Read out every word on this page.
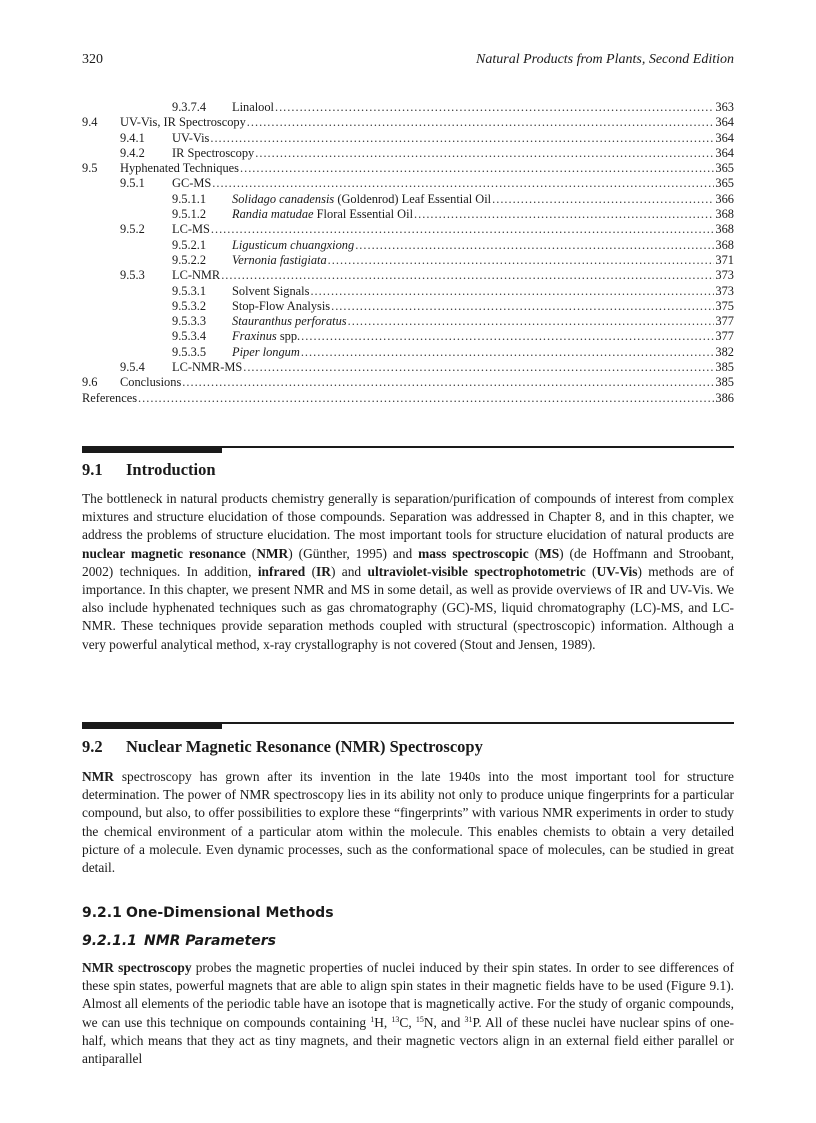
320	Natural Products from Plants, Second Edition
9.3.7.4	Linalool .....	363
9.4	UV-Vis, IR Spectroscopy .....	364
9.4.1	UV-Vis .....	364
9.4.2	IR Spectroscopy .....	364
9.5	Hyphenated Techniques .....	365
9.5.1	GC-MS .....	365
9.5.1.1	Solidago canadensis (Goldenrod) Leaf Essential Oil .....	366
9.5.1.2	Randia matudae Floral Essential Oil .....	368
9.5.2	LC-MS .....	368
9.5.2.1	Ligusticum chuangxiong .....	368
9.5.2.2	Vernonia fastigiata .....	371
9.5.3	LC-NMR .....	373
9.5.3.1	Solvent Signals .....	373
9.5.3.2	Stop-Flow Analysis .....	375
9.5.3.3	Stauranthus perforatus .....	377
9.5.3.4	Fraxinus spp. .....	377
9.5.3.5	Piper longum .....	382
9.5.4	LC-NMR-MS .....	385
9.6	Conclusions .....	385
References .....	386
9.1 Introduction

The bottleneck in natural products chemistry generally is separation/purification of compounds of interest from complex mixtures and structure elucidation of those compounds. Separation was addressed in Chapter 8, and in this chapter, we address the problems of structure elucidation. The most important tools for structure elucidation of natural products are nuclear magnetic resonance (NMR) (Günther, 1995) and mass spectroscopic (MS) (de Hoffmann and Stroobant, 2002) techniques. In addition, infrared (IR) and ultraviolet-visible spectrophotometric (UV-Vis) methods are of importance. In this chapter, we present NMR and MS in some detail, as well as provide overviews of IR and UV-Vis. We also include hyphenated techniques such as gas chromatography (GC)-MS, liquid chromatography (LC)-MS, and LC-NMR. These techniques provide separation methods coupled with structural (spectroscopic) information. Although a very powerful analytical method, x-ray crystallography is not covered (Stout and Jensen, 1989).

9.2 Nuclear Magnetic Resonance (NMR) Spectroscopy

NMR spectroscopy has grown after its invention in the late 1940s into the most important tool for structure determination. The power of NMR spectroscopy lies in its ability not only to produce unique fingerprints for a particular compound, but also, to offer possibilities to explore these “fingerprints” with various NMR experiments in order to study the chemical environment of a particular atom within the molecule. This enables chemists to obtain a very detailed picture of a molecule. Even dynamic processes, such as the conformational space of molecules, can be studied in great detail.

9.2.1 One-Dimensional Methods
9.2.1.1 NMR Parameters

NMR spectroscopy probes the magnetic properties of nuclei induced by their spin states. In order to see differences of these spin states, powerful magnets that are able to align spin states in their magnetic fields have to be used (Figure 9.1). Almost all elements of the periodic table have an isotope that is magnetically active. For the study of organic compounds, we can use this technique on compounds containing $^1$H, $^{13}$C, $^{15}$N, and $^{31}$P. All of these nuclei have nuclear spins of one-half, which means that they act as tiny magnets, and their magnetic vectors align in an external field either parallel or antiparallel
